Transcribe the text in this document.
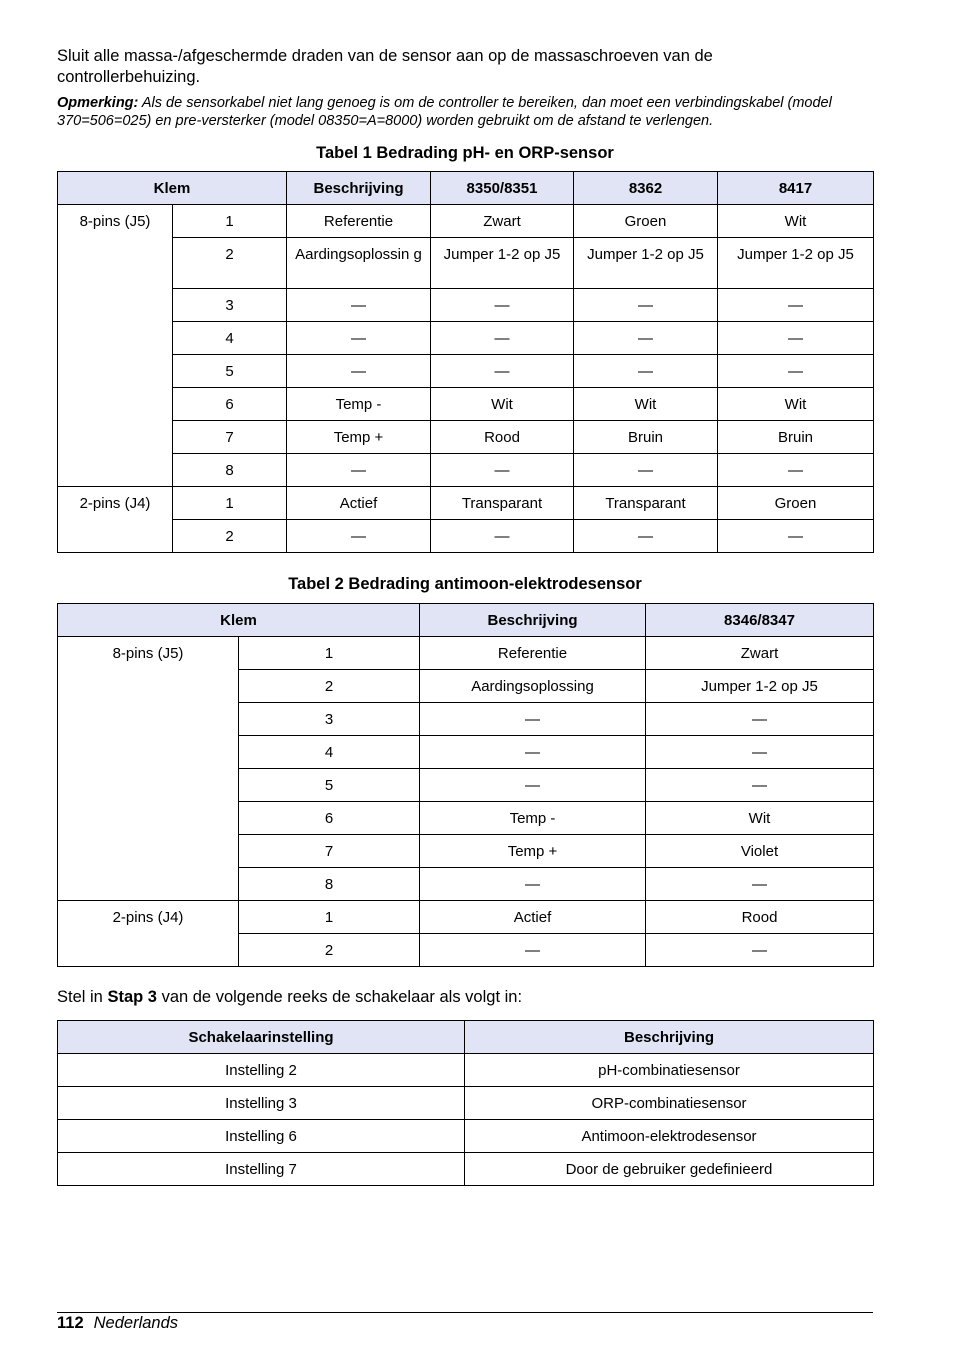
Sluit alle massa-/afgeschermde draden van de sensor aan op de massaschroeven van de controllerbehuizing.

Opmerking: Als de sensorkabel niet lang genoeg is om de controller te bereiken, dan moet een verbindingskabel (model 370=506=025) en pre-versterker (model 08350=A=8000) worden gebruikt om de afstand te verlengen.

Tabel 1 Bedrading pH- en ORP-sensor

Klem		Beschrijving	8350/8351	8362	8417
8-pins (J5)	1	Referentie	Zwart	Groen	Wit
	2	Aardingsoplossin g	Jumper 1-2 op J5	Jumper 1-2 op J5	Jumper 1-2 op J5
	3	—	—	—	—
	4	—	—	—	—
	5	—	—	—	—
	6	Temp -	Wit	Wit	Wit
	7	Temp +	Rood	Bruin	Bruin
	8	—	—	—	—
2-pins (J4)	1	Actief	Transparant	Transparant	Groen
	2	—	—	—	—

Tabel 2 Bedrading antimoon-elektrodesensor

Klem		Beschrijving	8346/8347
8-pins (J5)	1	Referentie	Zwart
	2	Aardingsoplossing	Jumper 1-2 op J5
	3	—	—
	4	—	—
	5	—	—
	6	Temp -	Wit
	7	Temp +	Violet
	8	—	—
2-pins (J4)	1	Actief	Rood
	2	—	—

Stel in Stap 3 van de volgende reeks de schakelaar als volgt in:

Schakelaarinstelling	Beschrijving
Instelling 2	pH-combinatiesensor
Instelling 3	ORP-combinatiesensor
Instelling 6	Antimoon-elektrodesensor
Instelling 7	Door de gebruiker gedefinieerd
112 Nederlands
